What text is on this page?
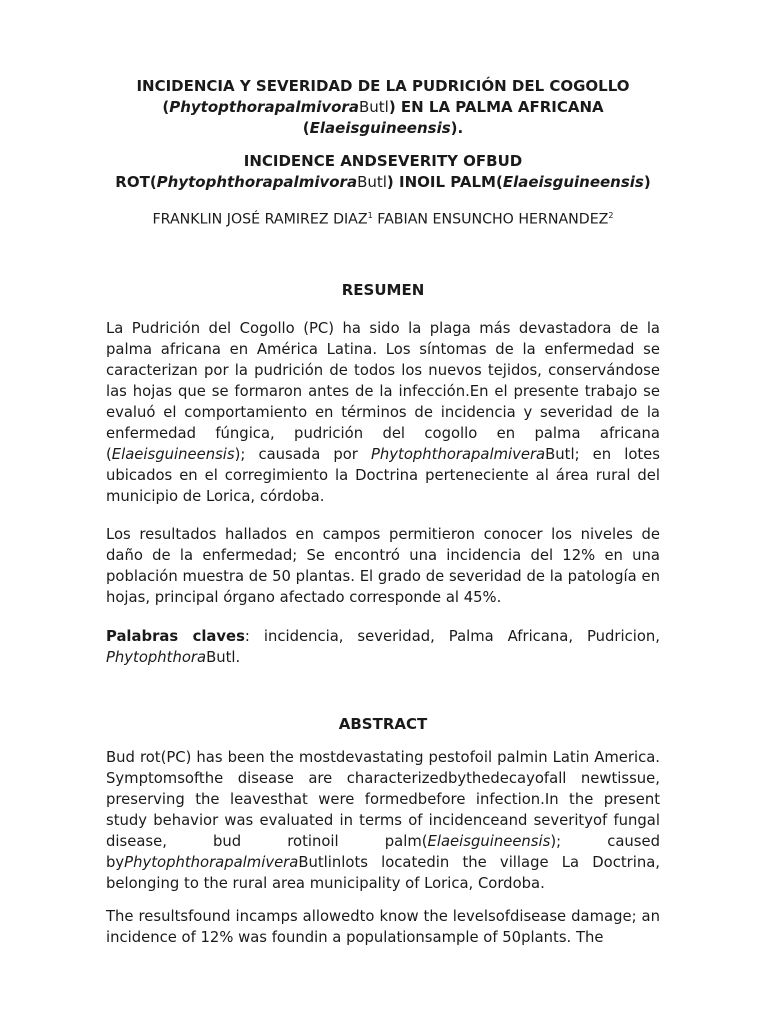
INCIDENCIA Y SEVERIDAD DE LA PUDRICIÓN DEL COGOLLO
(PhytopthorapalmivoraButl) EN LA PALMA AFRICANA
(Elaeisguineensis).
INCIDENCE ANDSEVERITY OFBUD
ROT(PhytophthorapalmivoraButl) INOIL PALM(Elaeisguineensis)
FRANKLIN JOSÉ RAMIREZ DIAZ$^1$ FABIAN ENSUNCHO HERNANDEZ$^2$
RESUMEN
La Pudrición del Cogollo (PC) ha sido la plaga más devastadora de la palma africana en América Latina. Los síntomas de la enfermedad se caracterizan por la pudrición de todos los nuevos tejidos, conservándose las hojas que se formaron antes de la infección.En el presente trabajo se evaluó el comportamiento en términos de incidencia y severidad de la enfermedad fúngica, pudrición del cogollo en palma africana (Elaeisguineensis); causada por PhytophthorapalmiveraButl; en lotes ubicados en el corregimiento la Doctrina perteneciente al área rural del municipio de Lorica, córdoba.
Los resultados hallados en campos permitieron conocer los niveles de daño de la enfermedad; Se encontró una incidencia del 12% en una población muestra de 50 plantas. El grado de severidad de la patología en hojas, principal órgano afectado corresponde al 45%.
Palabras claves: incidencia, severidad, Palma Africana, Pudricion, PhytophthoraButl.
ABSTRACT
Bud rot(PC) has been the mostdevastating pestofoil palmin Latin America. Symptomsofthe disease are characterizedbythedecayofall newtissue, preserving the leavesthat were formedbefore infection.In the present study behavior was evaluated in terms of incidenceand severityof fungal disease, bud rotinoil palm(Elaeisguineensis); caused byPhytophthorapalmiveraButlinlots locatedin the village La Doctrina, belonging to the rural area municipality of Lorica, Cordoba.
The resultsfound incamps allowedto know the levelsofdisease damage; an incidence of 12% was foundin a populationsample of 50plants. The
